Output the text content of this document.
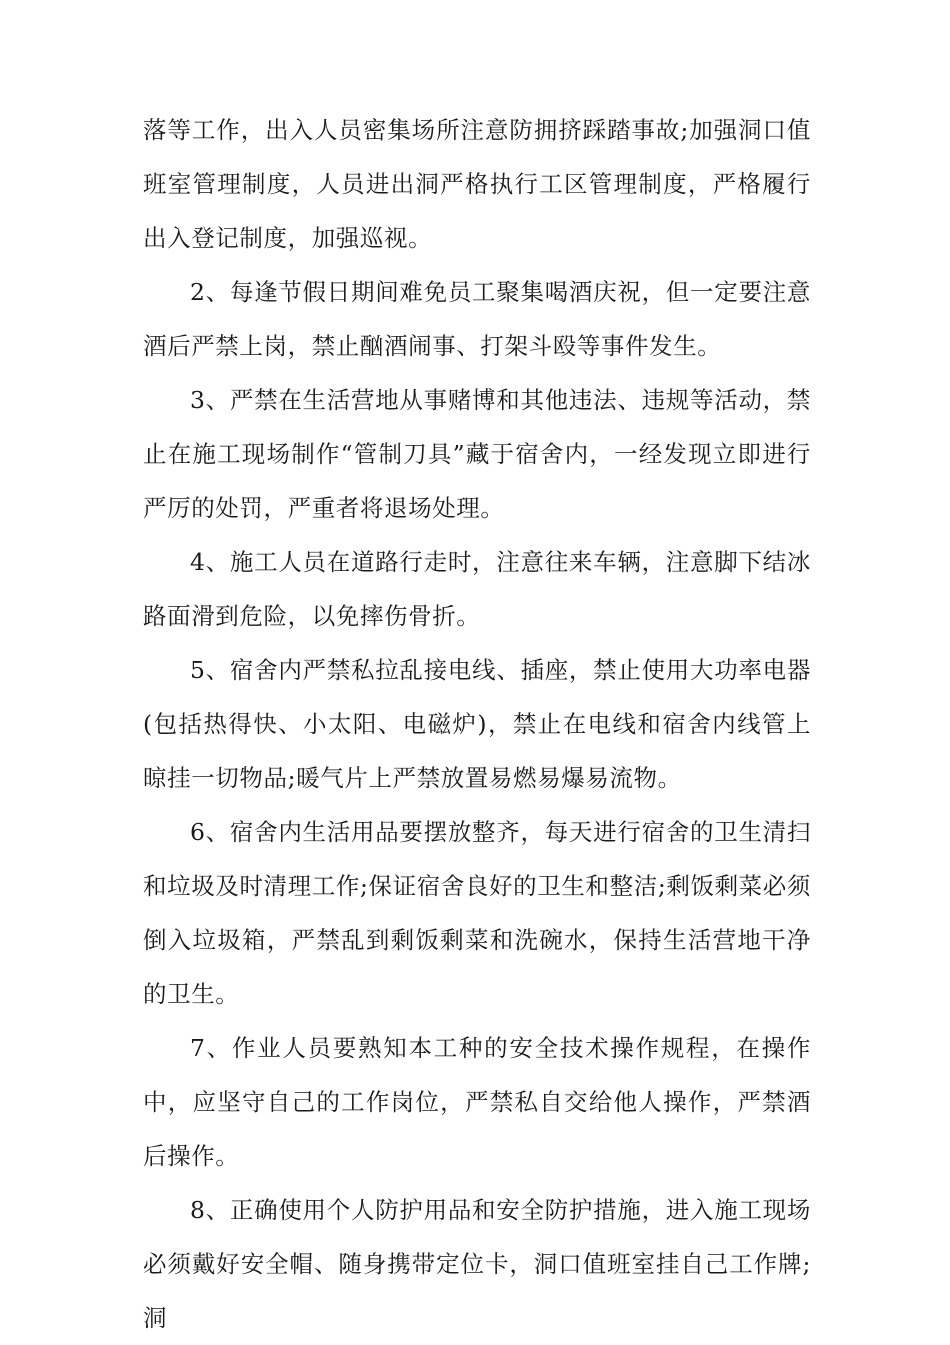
落等工作，出入人员密集场所注意防拥挤踩踏事故;加强洞口值班室管理制度，人员进出洞严格执行工区管理制度，严格履行出入登记制度，加强巡视。

2、每逢节假日期间难免员工聚集喝酒庆祝，但一定要注意酒后严禁上岗，禁止酗酒闹事、打架斗殴等事件发生。

3、严禁在生活营地从事赌博和其他违法、违规等活动，禁止在施工现场制作“管制刀具”藏于宿舍内，一经发现立即进行严厉的处罚，严重者将退场处理。

4、施工人员在道路行走时，注意往来车辆，注意脚下结冰路面滑到危险，以免摔伤骨折。

5、宿舍内严禁私拉乱接电线、插座，禁止使用大功率电器(包括热得快、小太阳、电磁炉)，禁止在电线和宿舍内线管上晾挂一切物品;暖气片上严禁放置易燃易爆易流物。

6、宿舍内生活用品要摆放整齐，每天进行宿舍的卫生清扫和垃圾及时清理工作;保证宿舍良好的卫生和整洁;剩饭剩菜必须倒入垃圾箱，严禁乱到剩饭剩菜和洗碗水，保持生活营地干净的卫生。

7、作业人员要熟知本工种的安全技术操作规程，在操作中，应坚守自己的工作岗位，严禁私自交给他人操作，严禁酒后操作。

8、正确使用个人防护用品和安全防护措施，进入施工现场必须戴好安全帽、随身携带定位卡，洞口值班室挂自己工作牌;洞
